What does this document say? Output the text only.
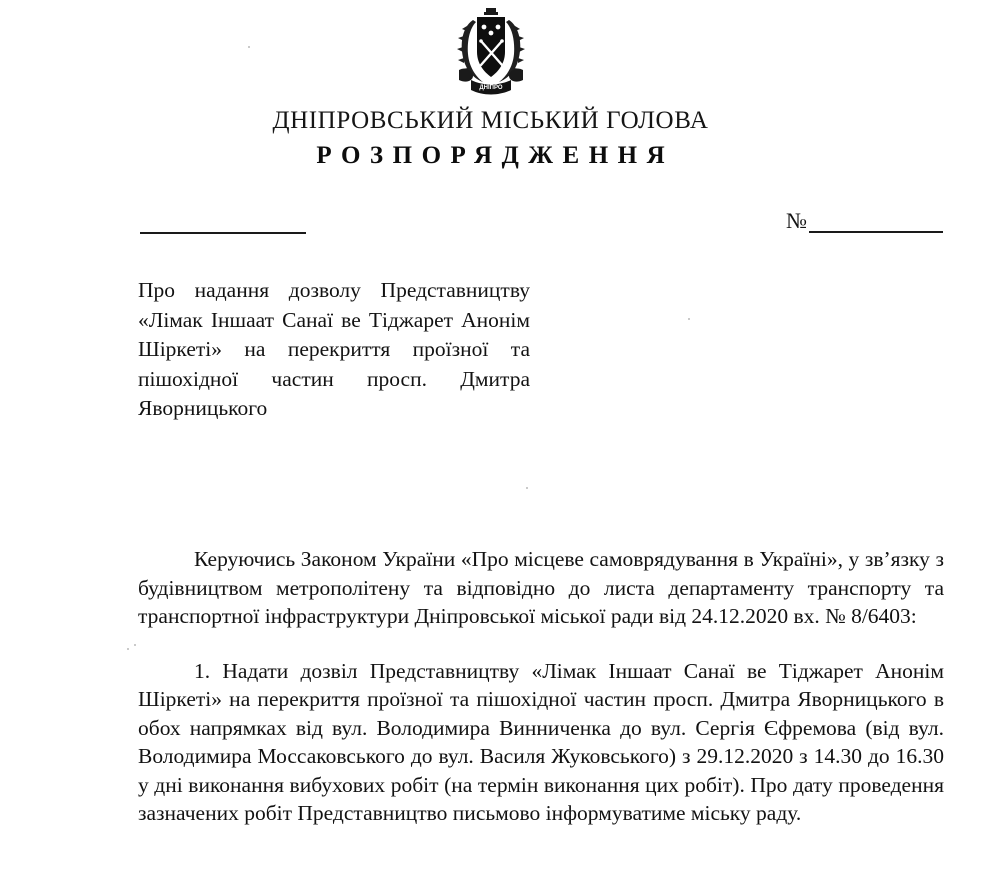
ДНІПРО
ДНІПРОВСЬКИЙ МІСЬКИЙ ГОЛОВА
РОЗПОРЯДЖЕННЯ
№

Про надання дозволу Представництву «Лімак Іншаат Санаї ве Тіджарет Анонім Шіркеті» на перекриття проїзної та пішохідної частин просп. Дмитра Яворницького

Керуючись Законом України «Про місцеве самоврядування в Україні», у зв’язку з будівництвом метрополітену та відповідно до листа департаменту транспорту та транспортної інфраструктури Дніпровської міської ради від 24.12.2020 вх. № 8/6403:

1. Надати дозвіл Представництву «Лімак Іншаат Санаї ве Тіджарет Анонім Шіркеті» на перекриття проїзної та пішохідної частин просп. Дмитра Яворницького в обох напрямках від вул. Володимира Винниченка до вул. Сергія Єфремова (від вул. Володимира Моссаковського до вул. Василя Жуковського) з 29.12.2020 з 14.30 до 16.30 у дні виконання вибухових робіт (на термін виконання цих робіт). Про дату проведення зазначених робіт Представництво письмово інформуватиме міську раду.
